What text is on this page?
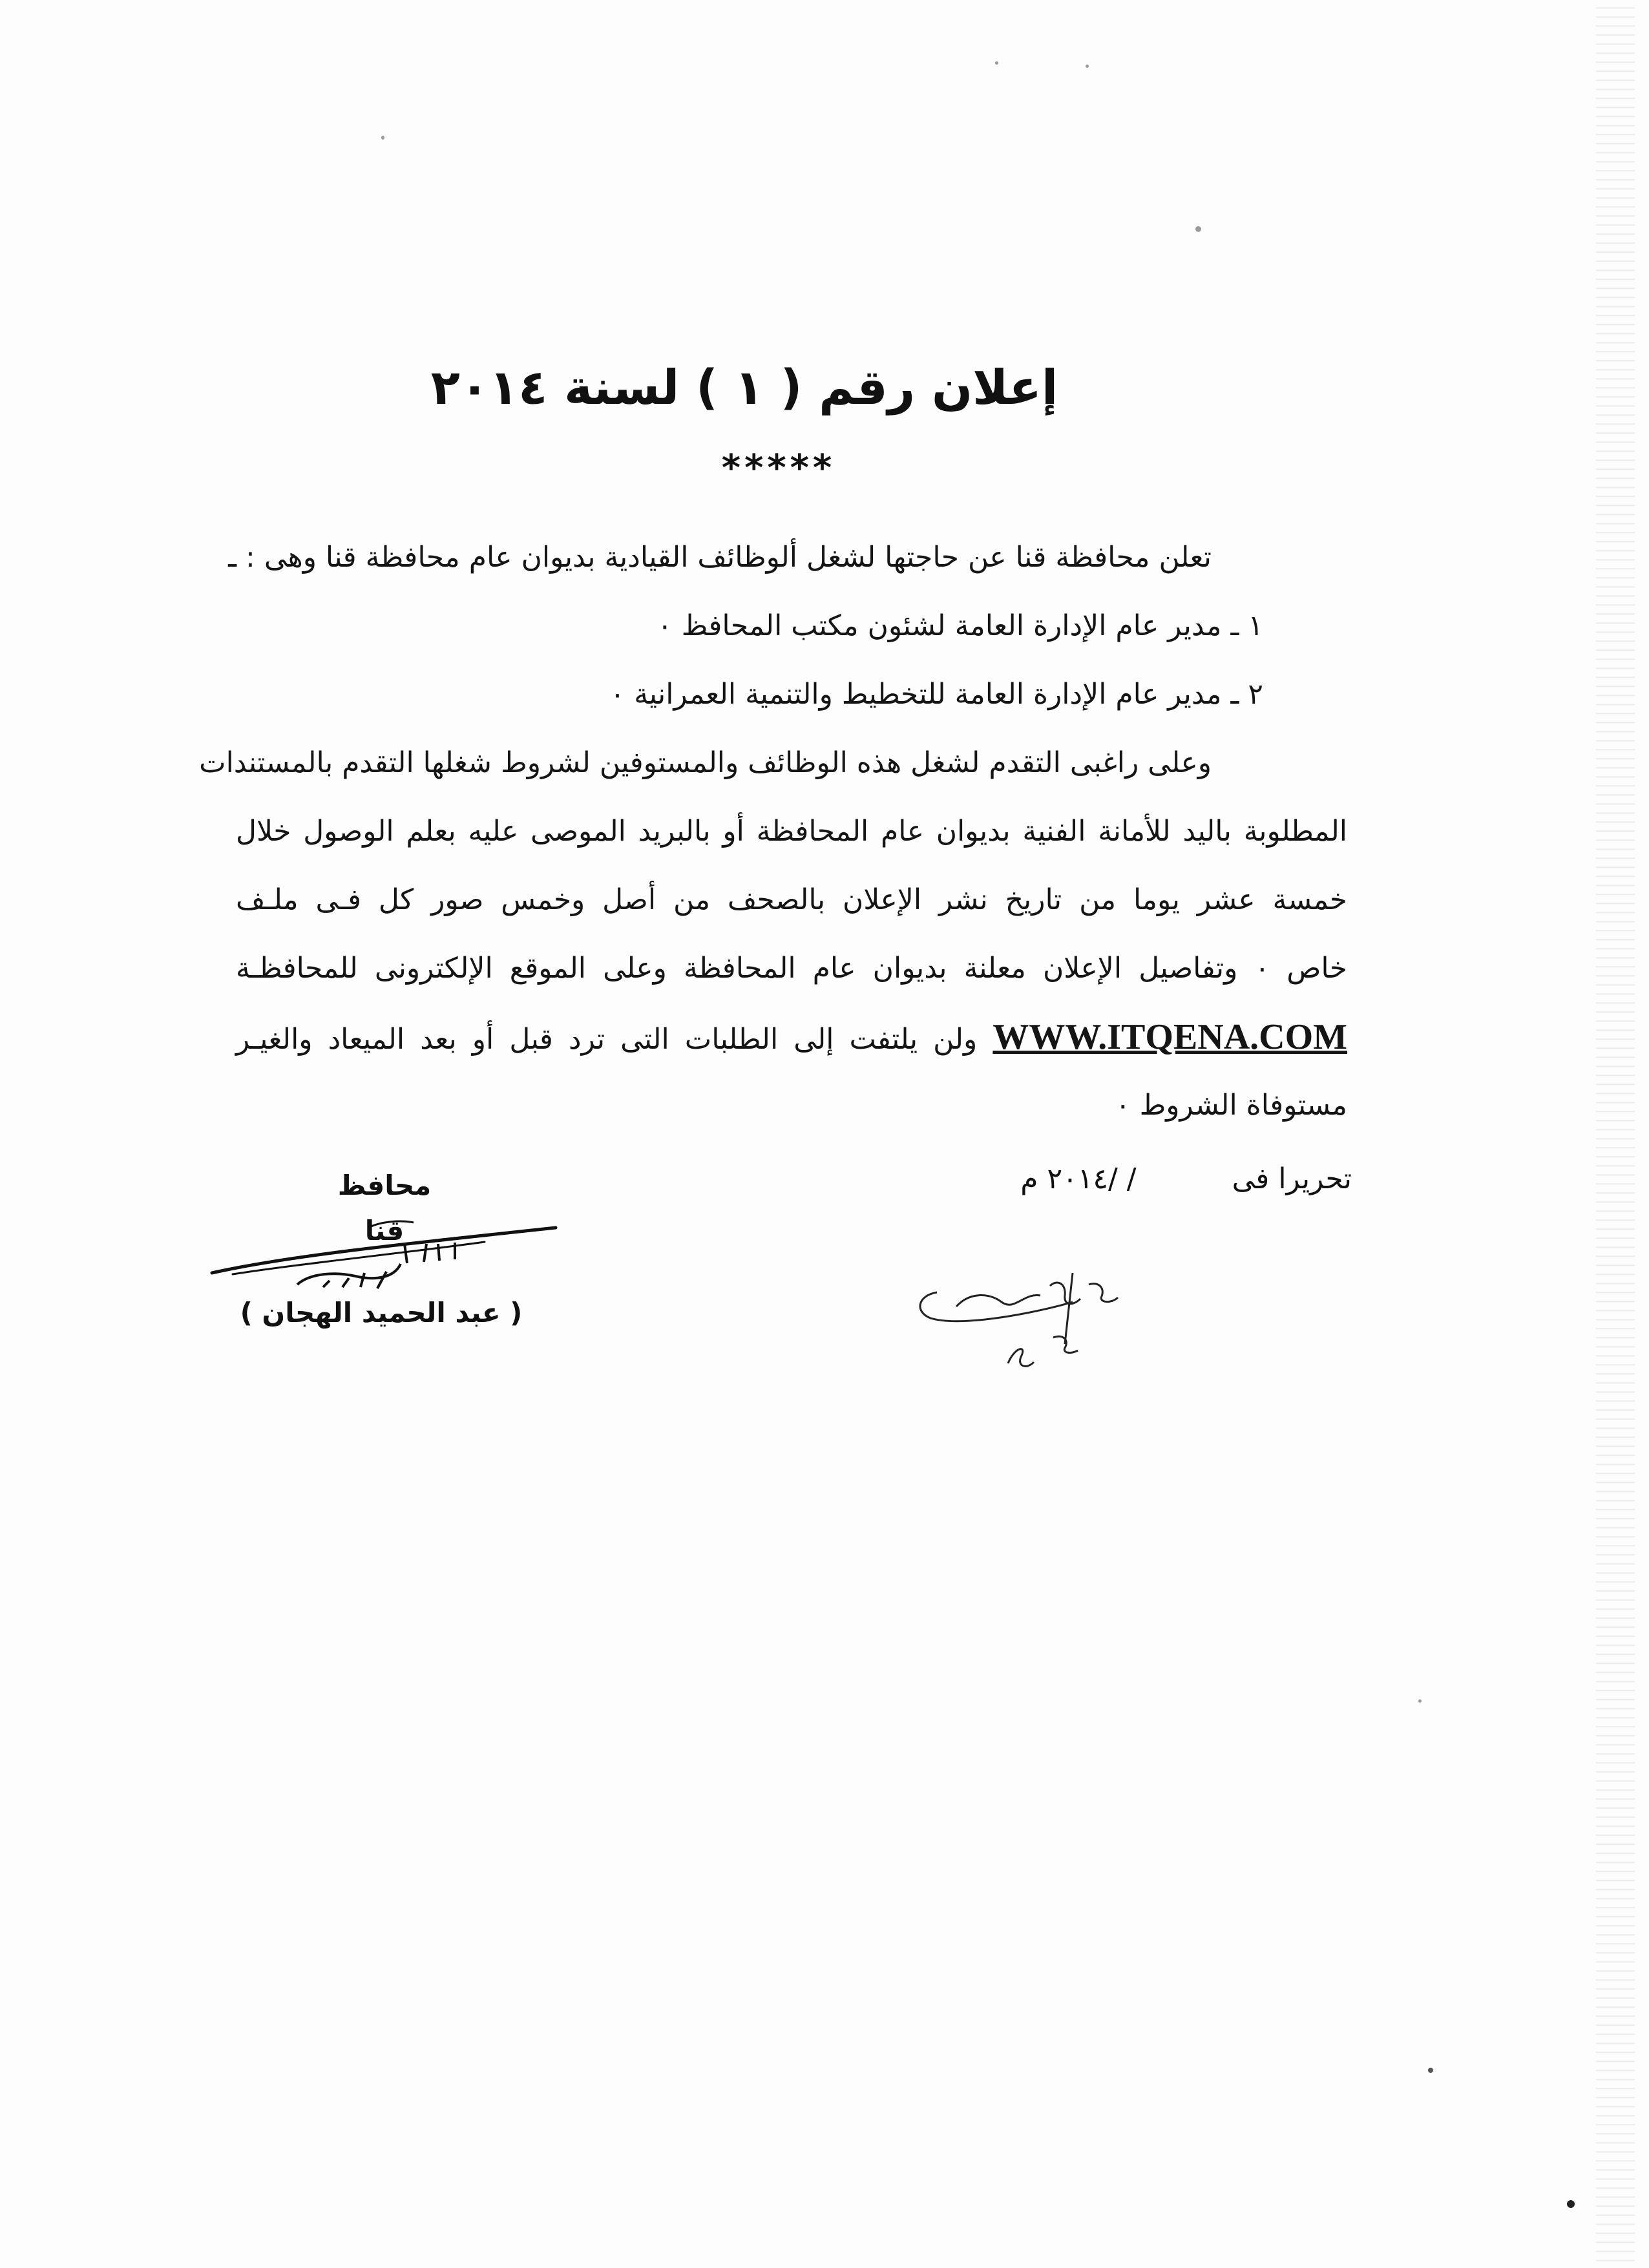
إعلان رقم ( ١ ) لسنة ٢٠١٤
*****
تعلن محافظة قنا عن حاجتها لشغل ألوظائف القيادية بديوان عام محافظة قنا وهى : ـ
١ ـ مدير عام الإدارة العامة لشئون مكتب المحافظ ٠
٢ ـ مدير عام الإدارة العامة للتخطيط والتنمية العمرانية ٠
وعلى راغبى التقدم لشغل هذه الوظائف والمستوفين لشروط شغلها التقدم بالمستندات
المطلوبة باليد للأمانة الفنية بديوان عام المحافظة أو بالبريد الموصى عليه بعلم الوصول خلال
خمسة عشر يوما من تاريخ نشر الإعلان بالصحف من أصل وخمس صور كل فـى ملـف
خاص ٠ وتفاصيل الإعلان معلنة بديوان عام المحافظة وعلى الموقع الإلكترونى للمحافظـة
WWW.ITQENA.COM ولن يلتفت إلى الطلبات التى ترد قبل أو بعد الميعاد والغيـر
مستوفاة الشروط ٠
تحريرا فى  / /٢٠١٤ م
محافظ قنا
( عبد الحميد الهجان )
